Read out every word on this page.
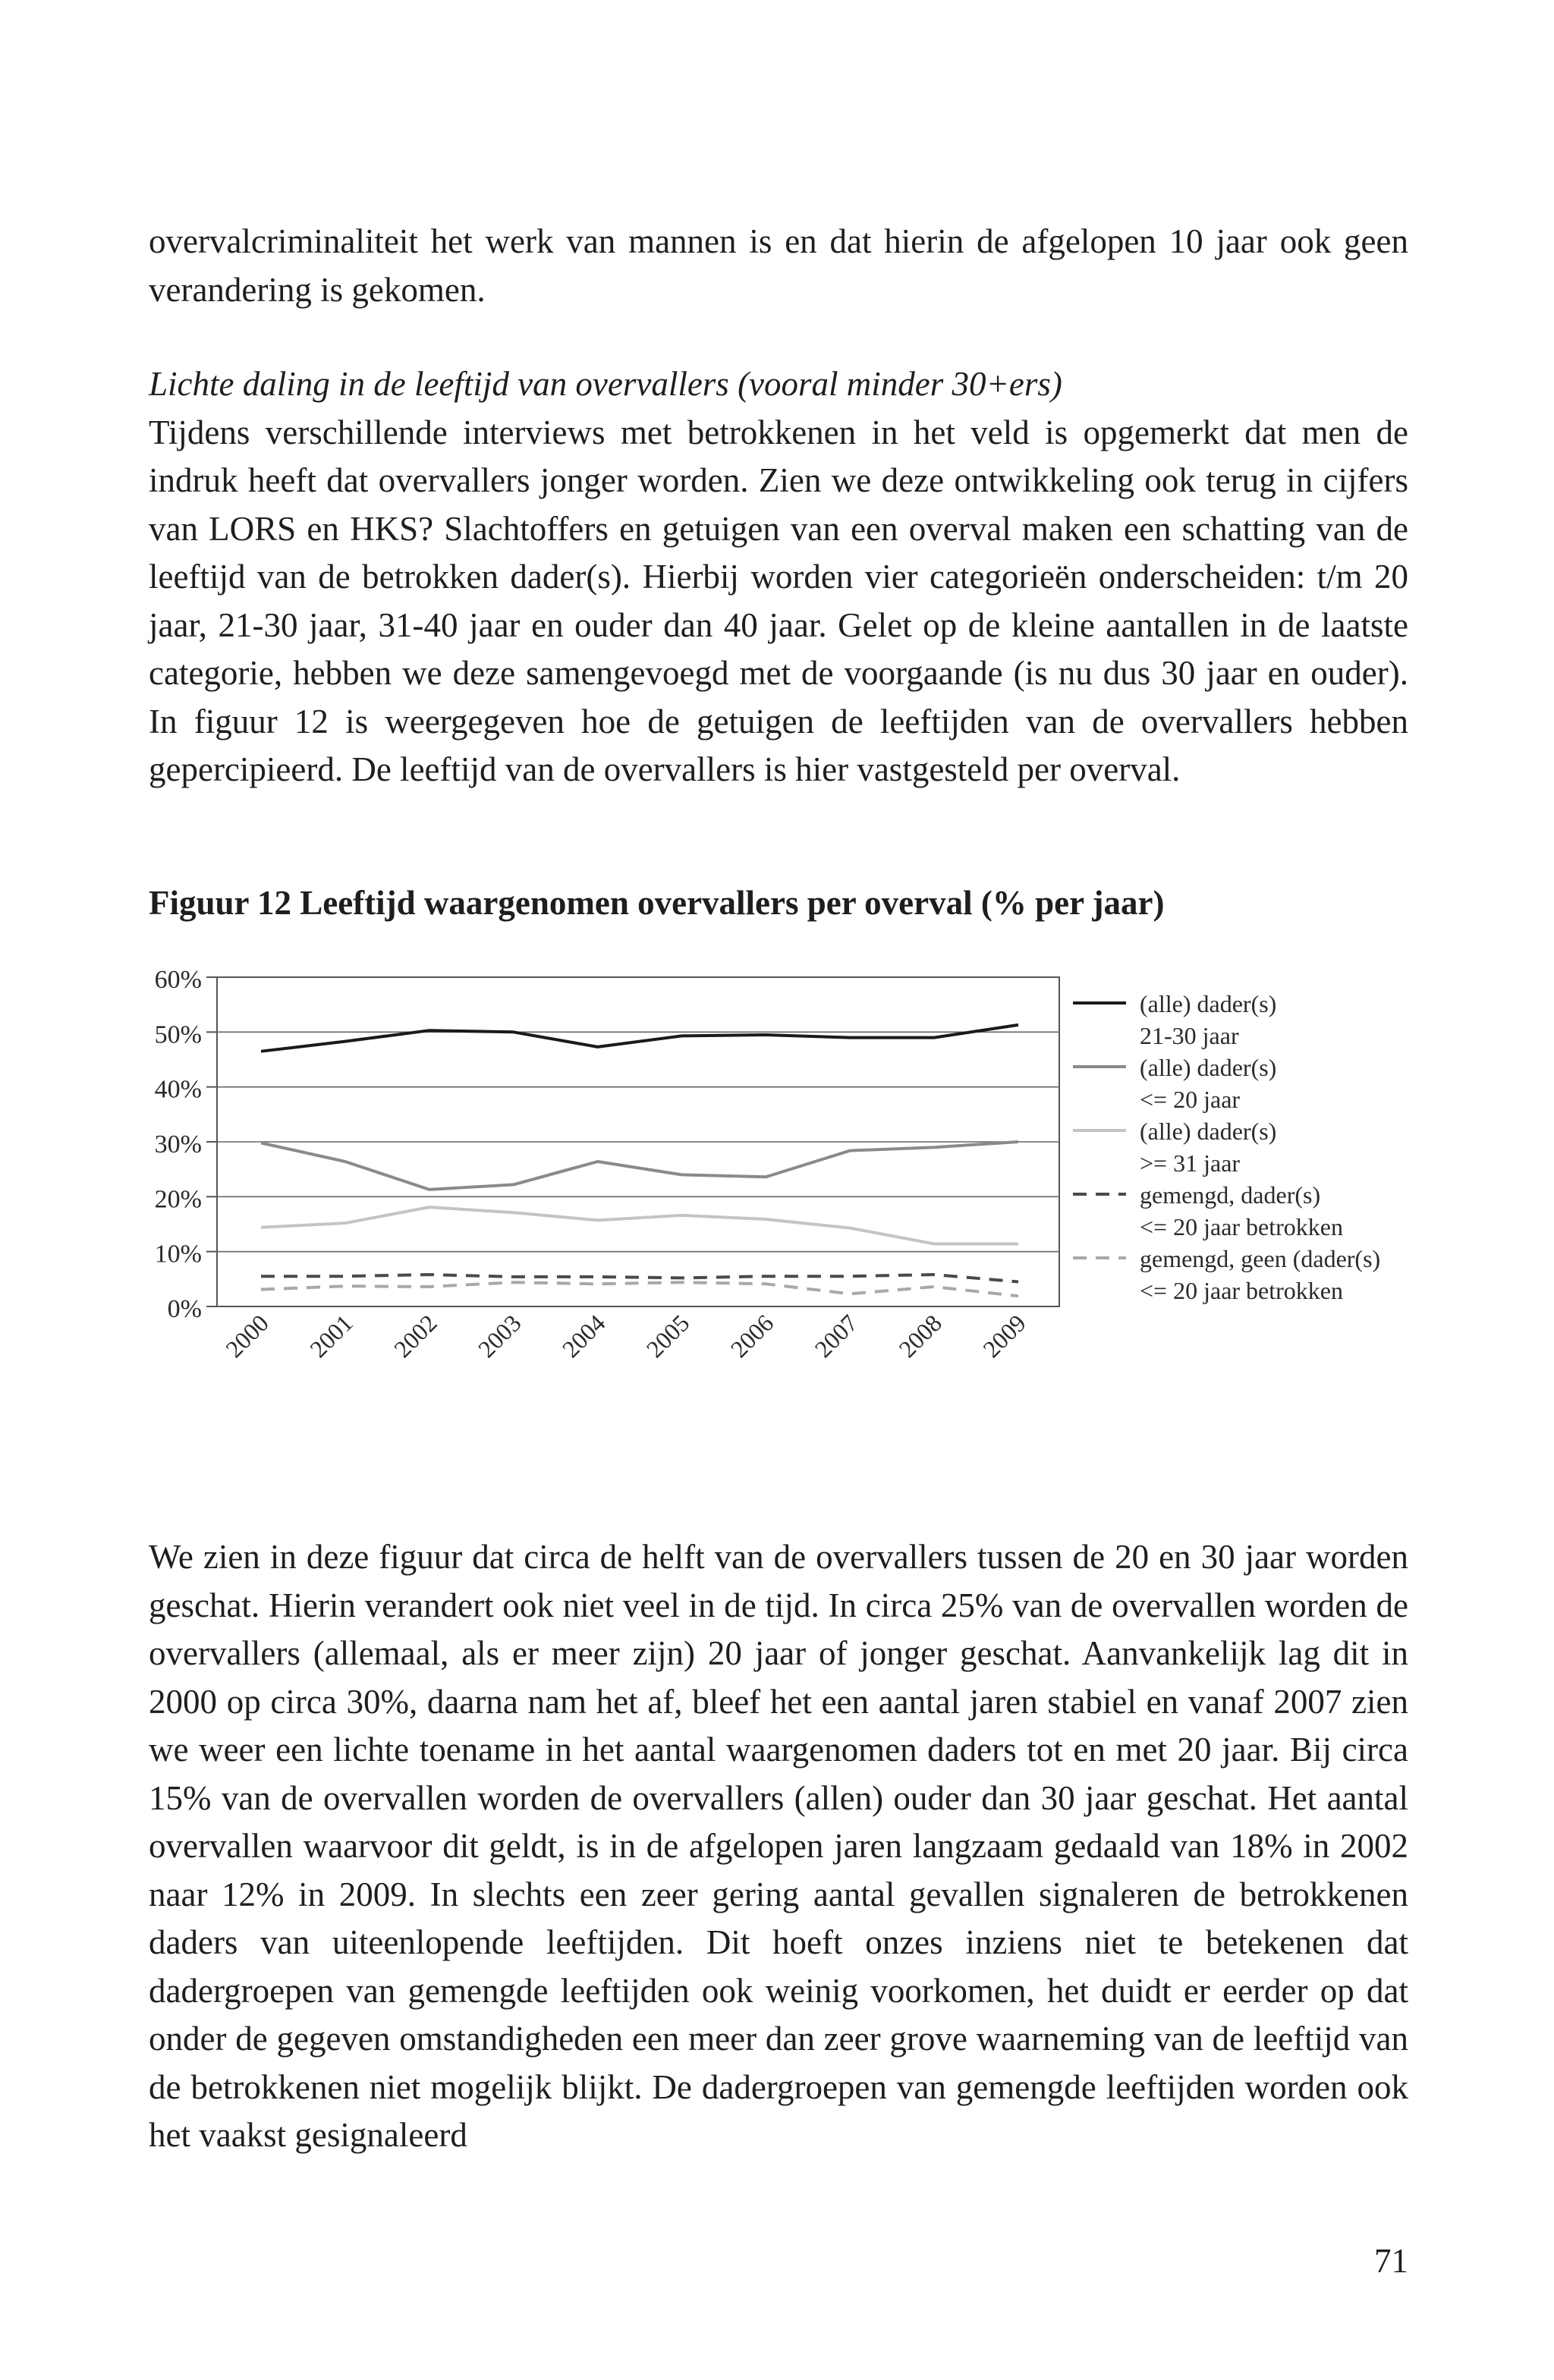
overvalcriminaliteit het werk van mannen is en dat hierin de afgelopen 10 jaar ook geen verandering is gekomen.

Lichte daling in de leeftijd van overvallers (vooral minder 30+ers)
Tijdens verschillende interviews met betrokkenen in het veld is opgemerkt dat men de indruk heeft dat overvallers jonger worden. Zien we deze ontwikkeling ook terug in cijfers van LORS en HKS? Slachtoffers en getuigen van een overval maken een schatting van de leeftijd van de betrokken dader(s). Hierbij worden vier categorieën onderscheiden: t/m 20 jaar, 21-30 jaar, 31-40 jaar en ouder dan 40 jaar. Gelet op de kleine aantallen in de laatste categorie, hebben we deze samengevoegd met de voorgaande (is nu dus 30 jaar en ouder). In figuur 12 is weergegeven hoe de getuigen de leeftijden van de overvallers hebben gepercipieerd. De leeftijd van de overvallers is hier vastgesteld per overval.
Figuur 12 Leeftijd waargenomen overvallers per overval (% per jaar)
0%
10%
20%
30%
40%
50%
60%
2000 2001 2002 2003 2004 2005 2006 2007 2008 2009
(alle) dader(s)
21-30 jaar
(alle) dader(s)
<= 20 jaar
(alle) dader(s)
>= 31 jaar
gemengd, dader(s)
<= 20 jaar betrokken
gemengd, geen (dader(s)
<= 20 jaar betrokken

We zien in deze figuur dat circa de helft van de overvallers tussen de 20 en 30 jaar worden geschat. Hierin verandert ook niet veel in de tijd. In circa 25% van de overvallen worden de overvallers (allemaal, als er meer zijn) 20 jaar of jonger geschat. Aanvankelijk lag dit in 2000 op circa 30%, daarna nam het af, bleef het een aantal jaren stabiel en vanaf 2007 zien we weer een lichte toename in het aantal waargenomen daders tot en met 20 jaar. Bij circa 15% van de overvallen worden de overvallers (allen) ouder dan 30 jaar geschat. Het aantal overvallen waarvoor dit geldt, is in de afgelopen jaren langzaam gedaald van 18% in 2002 naar 12% in 2009. In slechts een zeer gering aantal gevallen signaleren de betrokkenen daders van uiteenlopende leeftijden. Dit hoeft onzes inziens niet te betekenen dat dadergroepen van gemengde leeftijden ook weinig voorkomen, het duidt er eerder op dat onder de gegeven omstandigheden een meer dan zeer grove waarneming van de leeftijd van de betrokkenen niet mogelijk blijkt. De dadergroepen van gemengde leeftijden worden ook het vaakst gesignaleerd

71
